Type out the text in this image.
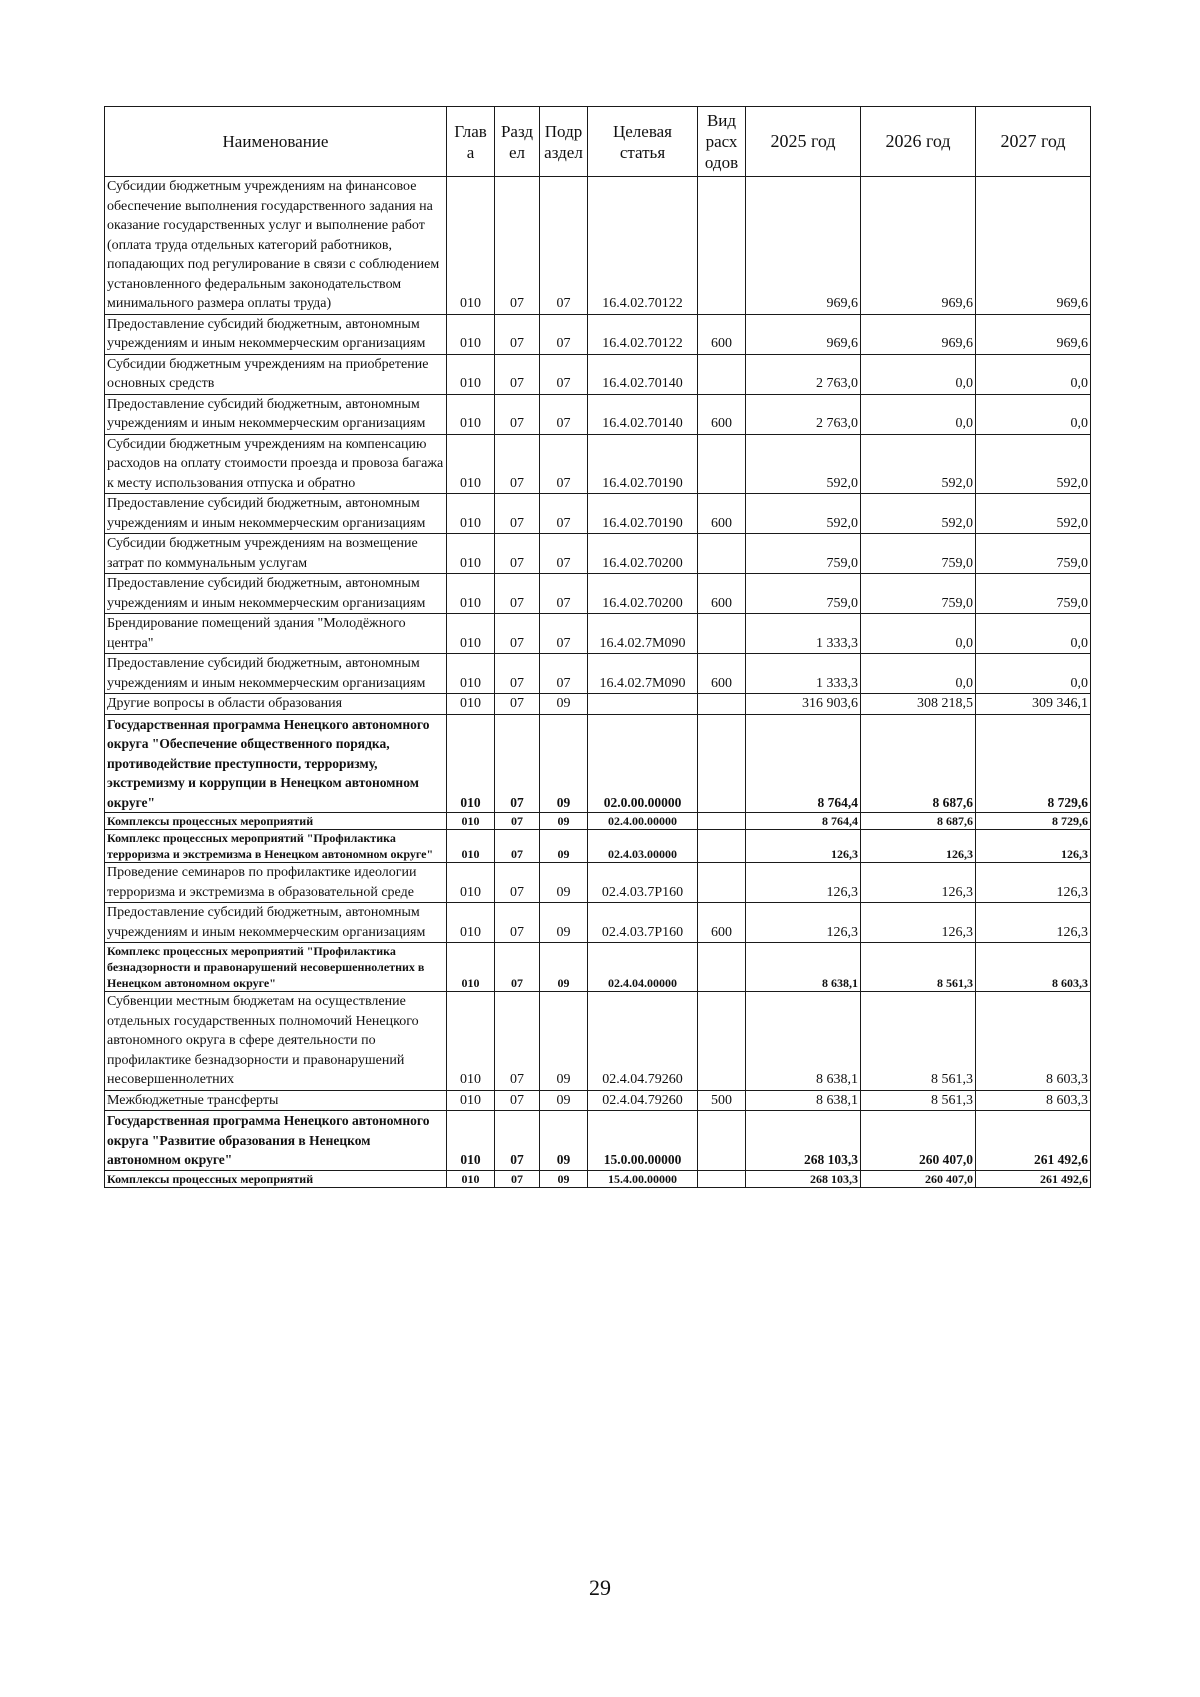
Наименование	Глав а	Разд ел	Подр аздел	Целевая статья	Вид расх одов	2025 год	2026 год	2027 год
Субсидии бюджетным учреждениям на финансовое обеспечение выполнения государственного задания на оказание государственных услуг и выполнение работ (оплата труда отдельных категорий работников, попадающих под регулирование в связи с соблюдением установленного федеральным законодательством минимального размера оплаты труда)	010	07	07	16.4.02.70122		969,6	969,6	969,6
Предоставление субсидий бюджетным, автономным учреждениям и иным некоммерческим организациям	010	07	07	16.4.02.70122	600	969,6	969,6	969,6
Субсидии бюджетным учреждениям на приобретение основных средств	010	07	07	16.4.02.70140		2 763,0	0,0	0,0
Предоставление субсидий бюджетным, автономным учреждениям и иным некоммерческим организациям	010	07	07	16.4.02.70140	600	2 763,0	0,0	0,0
Субсидии бюджетным учреждениям на компенсацию расходов на оплату стоимости проезда и провоза багажа к месту использования отпуска и обратно	010	07	07	16.4.02.70190		592,0	592,0	592,0
Предоставление субсидий бюджетным, автономным учреждениям и иным некоммерческим организациям	010	07	07	16.4.02.70190	600	592,0	592,0	592,0
Субсидии бюджетным учреждениям на возмещение затрат по коммунальным услугам	010	07	07	16.4.02.70200		759,0	759,0	759,0
Предоставление субсидий бюджетным, автономным учреждениям и иным некоммерческим организациям	010	07	07	16.4.02.70200	600	759,0	759,0	759,0
Брендирование помещений здания "Молодёжного центра"	010	07	07	16.4.02.7М090		1 333,3	0,0	0,0
Предоставление субсидий бюджетным, автономным учреждениям и иным некоммерческим организациям	010	07	07	16.4.02.7М090	600	1 333,3	0,0	0,0
Другие вопросы в области образования	010	07	09			316 903,6	308 218,5	309 346,1
Государственная программа Ненецкого автономного округа "Обеспечение общественного порядка, противодействие преступности, терроризму, экстремизму и коррупции в Ненецком автономном округе"	010	07	09	02.0.00.00000		8 764,4	8 687,6	8 729,6
Комплексы процессных мероприятий	010	07	09	02.4.00.00000		8 764,4	8 687,6	8 729,6
Комплекс процессных мероприятий "Профилактика терроризма и экстремизма в Ненецком автономном округе"	010	07	09	02.4.03.00000		126,3	126,3	126,3
Проведение семинаров по профилактике идеологии терроризма и экстремизма в образовательной среде	010	07	09	02.4.03.7Р160		126,3	126,3	126,3
Предоставление субсидий бюджетным, автономным учреждениям и иным некоммерческим организациям	010	07	09	02.4.03.7Р160	600	126,3	126,3	126,3
Комплекс процессных мероприятий "Профилактика безнадзорности и правонарушений несовершеннолетних в Ненецком автономном округе"	010	07	09	02.4.04.00000		8 638,1	8 561,3	8 603,3
Субвенции местным бюджетам на осуществление отдельных государственных полномочий Ненецкого автономного округа в сфере деятельности по профилактике безнадзорности и правонарушений несовершеннолетних	010	07	09	02.4.04.79260		8 638,1	8 561,3	8 603,3
Межбюджетные трансферты	010	07	09	02.4.04.79260	500	8 638,1	8 561,3	8 603,3
Государственная программа Ненецкого автономного округа "Развитие образования в Ненецком автономном округе"	010	07	09	15.0.00.00000		268 103,3	260 407,0	261 492,6
Комплексы процессных мероприятий	010	07	09	15.4.00.00000		268 103,3	260 407,0	261 492,6
29
